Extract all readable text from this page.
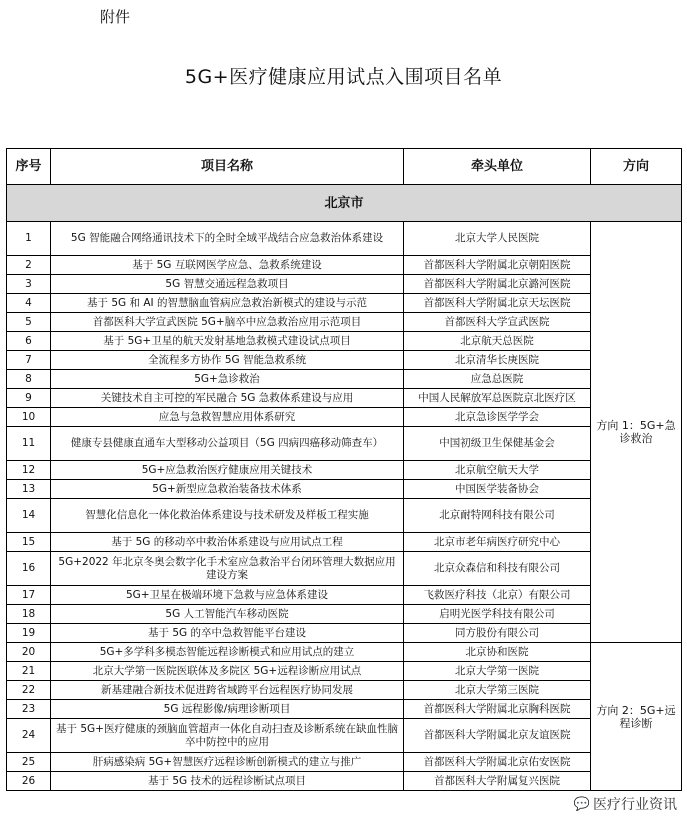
附件
5G+医疗健康应用试点入围项目名单
序号	项目名称	牵头单位	方向
北京市			
1	5G 智能融合网络通讯技术下的全时全域平战结合应急救治体系建设	北京大学人民医院	方向 1：5G+急诊救治
2	基于 5G 互联网医学应急、急救系统建设	首都医科大学附属北京朝阳医院	
3	5G 智慧交通远程急救项目	首都医科大学附属北京潞河医院	
4	基于 5G 和 AI 的智慧脑血管病应急救治新模式的建设与示范	首都医科大学附属北京天坛医院	
5	首都医科大学宣武医院 5G+脑卒中应急救治应用示范项目	首都医科大学宣武医院	
6	基于 5G+卫星的航天发射基地急救模式建设试点项目	北京航天总医院	
7	全流程多方协作 5G 智能急救系统	北京清华长庚医院	
8	5G+急诊救治	应急总医院	
9	关键技术自主可控的军民融合 5G 急救体系建设与应用	中国人民解放军总医院京北医疗区	
10	应急与急救智慧应用体系研究	北京急诊医学学会	
11	健康专县健康直通车大型移动公益项目（5G 四病四癌移动筛查车）	中国初级卫生保健基金会	
12	5G+应急救治医疗健康应用关键技术	北京航空航天大学	
13	5G+新型应急救治装备技术体系	中国医学装备协会	
14	智慧化信息化一体化救治体系建设与技术研发及样板工程实施	北京耐特网科技有限公司	
15	基于 5G 的移动卒中救治体系建设与应用试点工程	北京市老年病医疗研究中心	
16	5G+2022 年北京冬奥会数字化手术室应急救治平台闭环管理大数据应用建设方案	北京众森信和科技有限公司	
17	5G+卫星在极端环境下急救与应急体系建设	飞救医疗科技（北京）有限公司	
18	5G 人工智能汽车移动医院	启明光医学科技有限公司	
19	基于 5G 的卒中急救智能平台建设	同方股份有限公司	
20	5G+多学科多模态智能远程诊断模式和应用试点的建立	北京协和医院	方向 2：5G+远程诊断
21	北京大学第一医院医联体及多院区 5G+远程诊断应用试点	北京大学第一医院	
22	新基建融合新技术促进跨省域跨平台远程医疗协同发展	北京大学第三医院	
23	5G 远程影像/病理诊断项目	首都医科大学附属北京胸科医院	
24	基于 5G+医疗健康的颈脑血管超声一体化自动扫查及诊断系统在缺血性脑卒中防控中的应用	首都医科大学附属北京友谊医院	
25	肝病感染病 5G+智慧医疗远程诊断创新模式的建立与推广	首都医科大学附属北京佑安医院	
26	基于 5G 技术的远程诊断试点项目	首都医科大学附属复兴医院	
💬 医疗行业资讯
